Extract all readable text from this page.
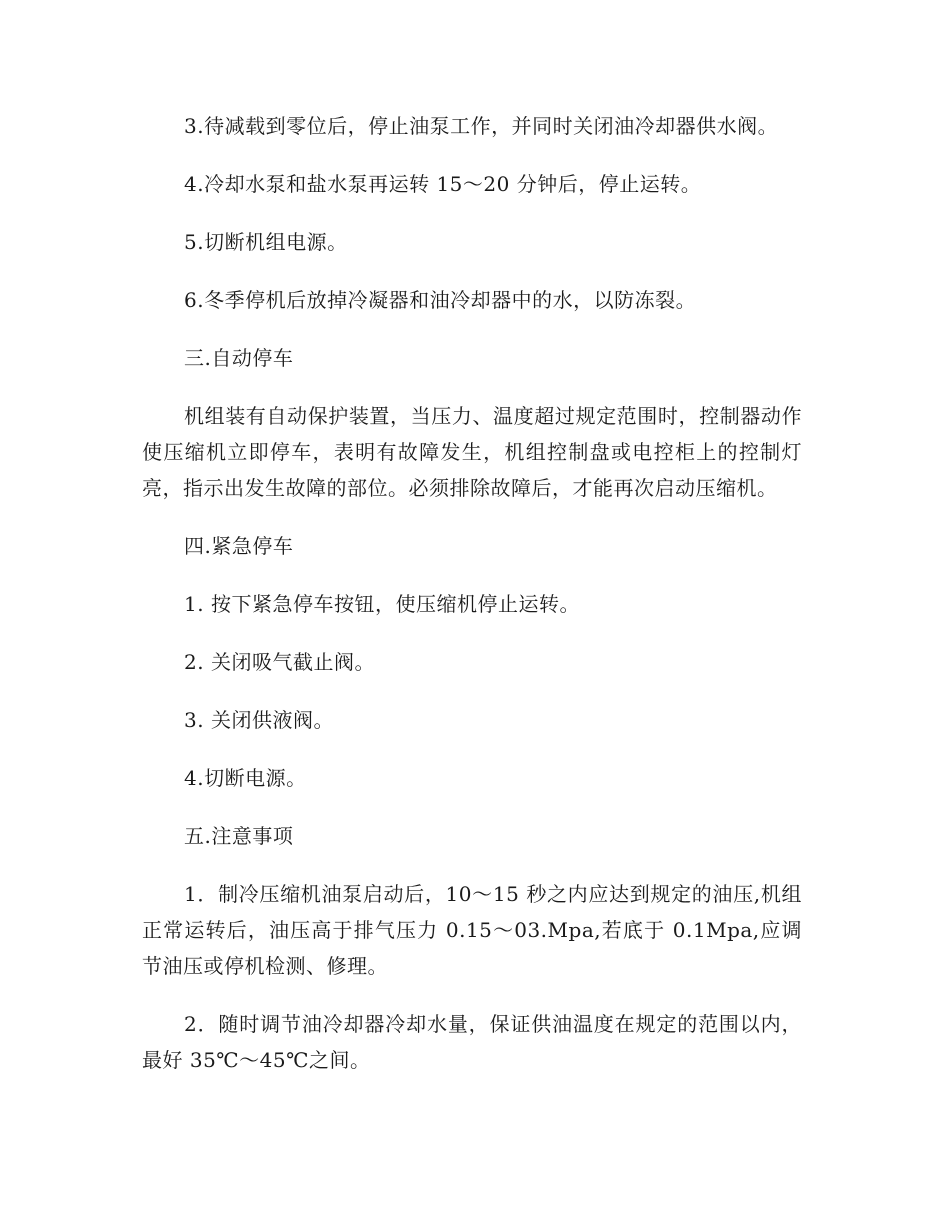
3.待减载到零位后，停止油泵工作，并同时关闭油冷却器供水阀。

4.冷却水泵和盐水泵再运转 15～20 分钟后，停止运转。

5.切断机组电源。

6.冬季停机后放掉冷凝器和油冷却器中的水，以防冻裂。

三.自动停车

机组装有自动保护装置，当压力、温度超过规定范围时，控制器动作使压缩机立即停车，表明有故障发生，机组控制盘或电控柜上的控制灯亮，指示出发生故障的部位。必须排除故障后，才能再次启动压缩机。

四.紧急停车

1. 按下紧急停车按钮，使压缩机停止运转。

2. 关闭吸气截止阀。

3. 关闭供液阀。

4.切断电源。

五.注意事项

1．制冷压缩机油泵启动后，10～15 秒之内应达到规定的油压,机组正常运转后，油压高于排气压力 0.15～03.Mpa,若底于 0.1Mpa,应调节油压或停机检测、修理。

2．随时调节油冷却器冷却水量，保证供油温度在规定的范围以内，最好 35℃～45℃之间。
